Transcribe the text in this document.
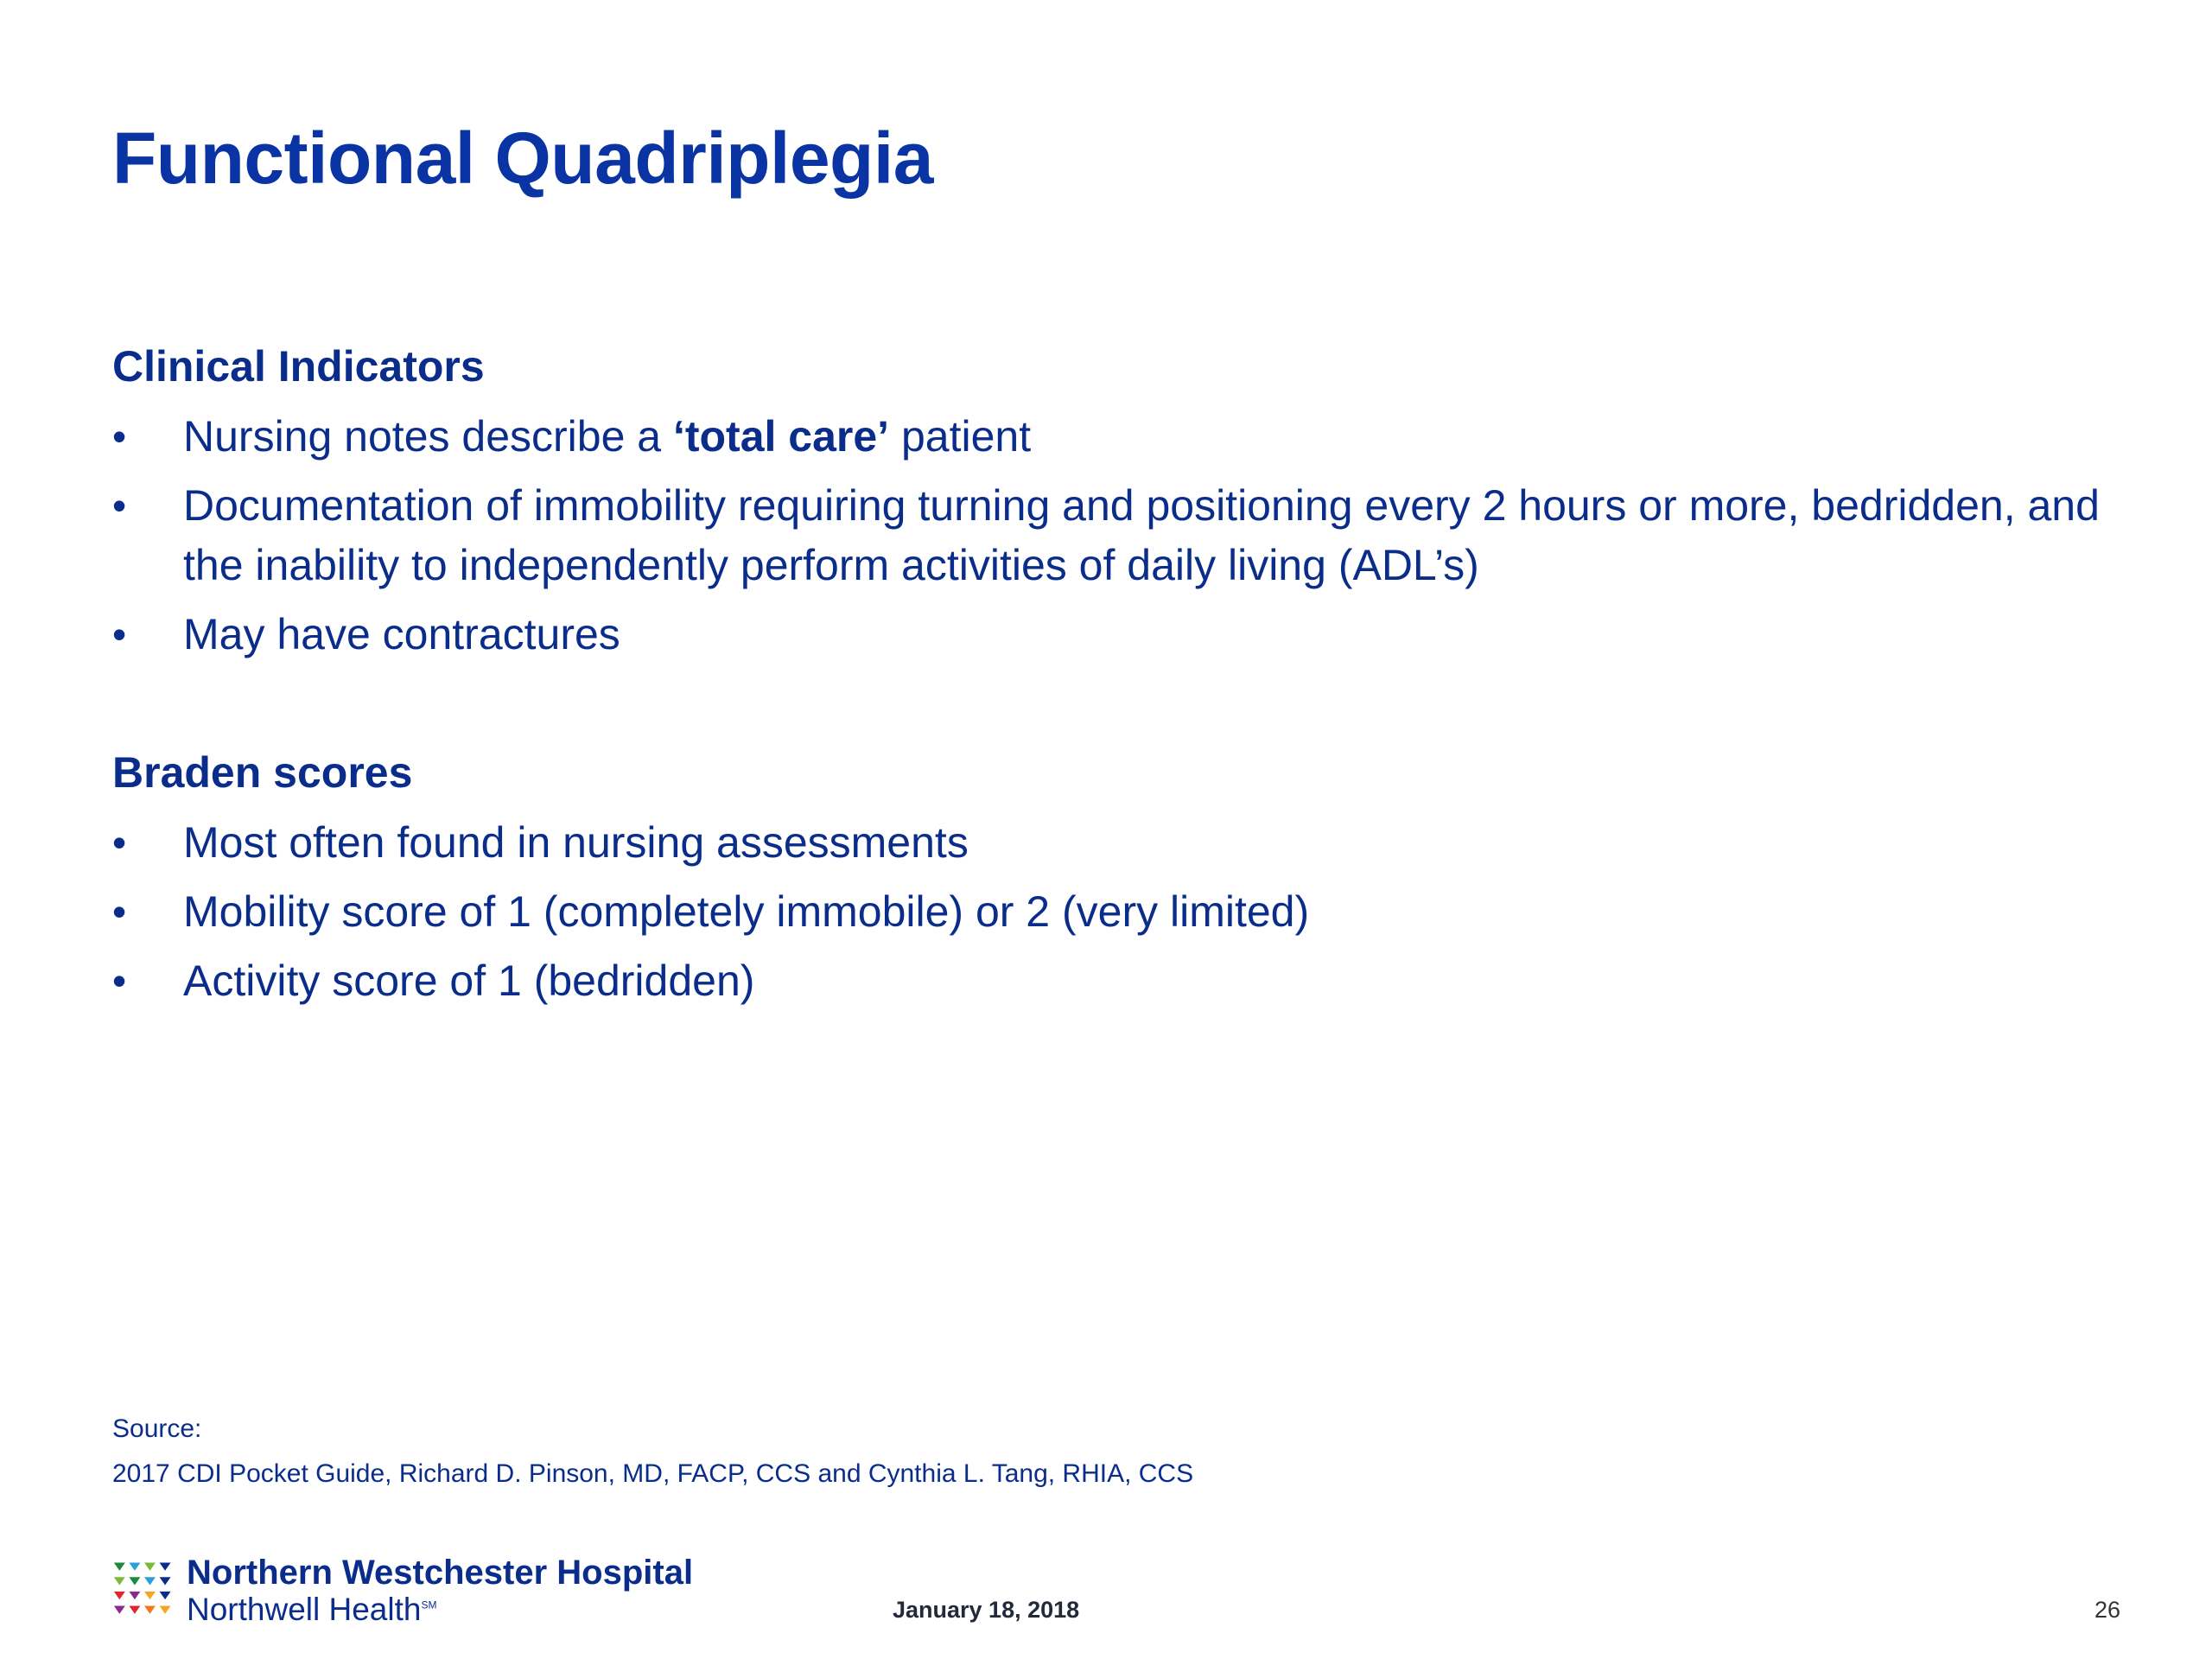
Functional Quadriplegia
Clinical Indicators
• Nursing notes describe a ‘total care’ patient
• Documentation of immobility requiring turning and positioning every 2 hours or more, bedridden, and the inability to independently perform activities of daily living (ADL’s)
• May have contractures
Braden scores
• Most often found in nursing assessments
• Mobility score of 1 (completely immobile) or 2 (very limited)
• Activity score of 1 (bedridden)
Source:
2017 CDI Pocket Guide, Richard D. Pinson, MD, FACP, CCS and Cynthia L. Tang, RHIA, CCS
Northern Westchester Hospital
Northwell Health℠	January 18, 2018	26
